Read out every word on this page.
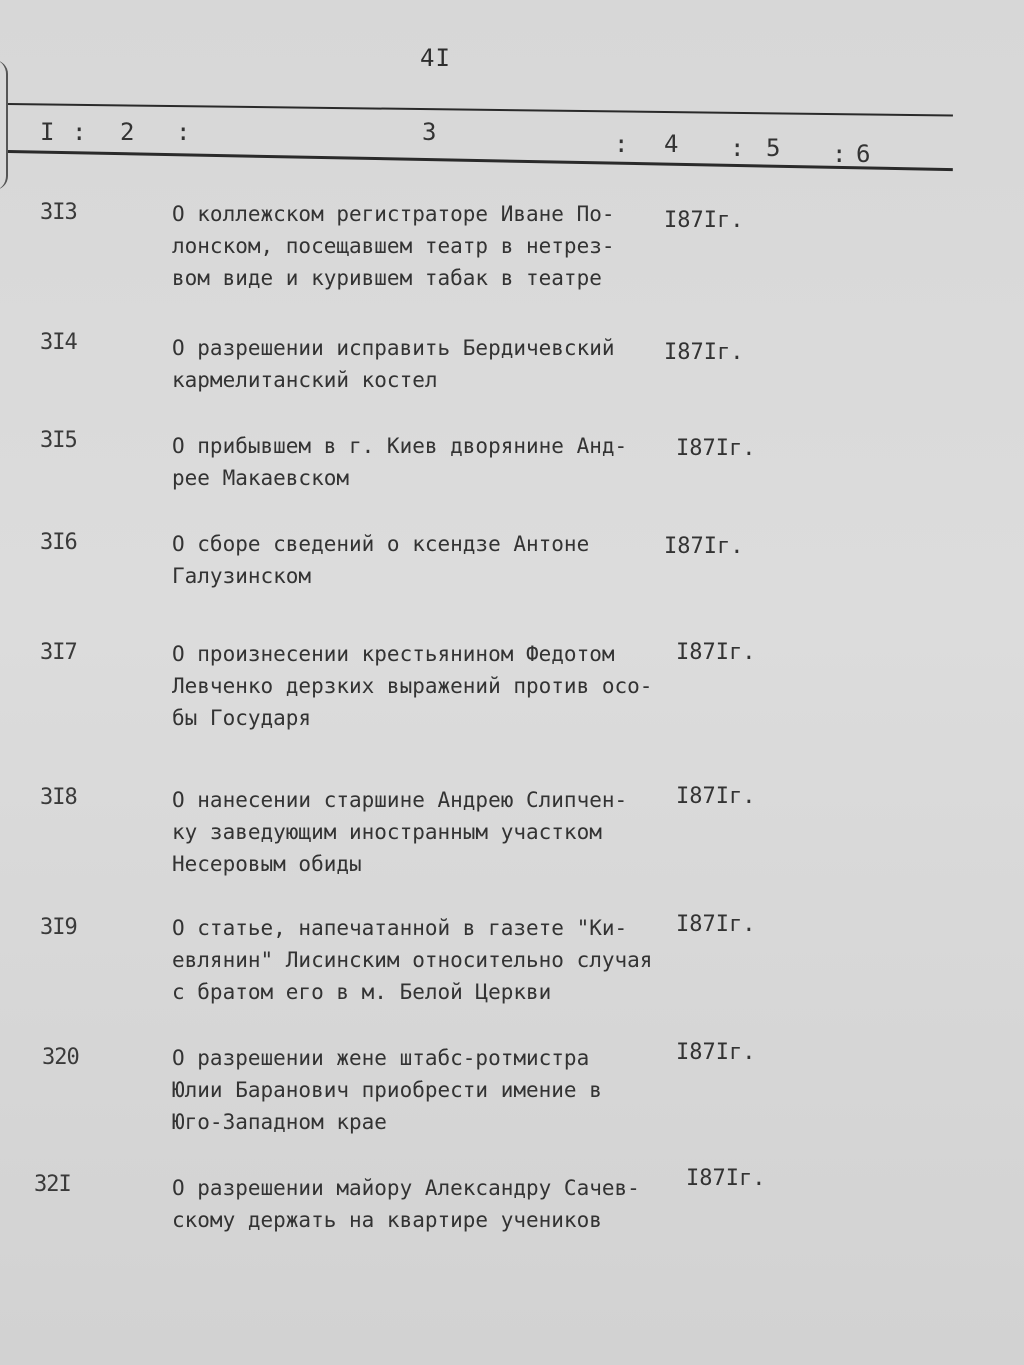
4I
I : 2 :	3	: 4 : 5 : 6
3I3	О коллежском регистраторе Иване По-
лонском, посещавшем театр в нетрез-
вом виде и курившем табак в театре
I87Iг.
3I4	О разрешении исправить Бердичевский
кармелитанский костел
I87Iг.
3I5	О прибывшем в г. Киев дворянине Анд-
рее Макаевском
I87Iг.
3I6	О сборе сведений о ксендзе Антоне
Галузинском
I87Iг.
3I7	О произнесении крестьянином Федотом
Левченко дерзких выражений против осо-
бы Государя
I87Iг.
3I8	О нанесении старшине Андрею Слипчен-
ку заведующим иностранным участком
Несеровым обиды
I87Iг.
3I9	О статье, напечатанной в газете "Ки-
евлянин" Лисинским относительно случая
с братом его в м. Белой Церкви
I87Iг.
320	О разрешении жене штабс-ротмистра
Юлии Баранович приобрести имение в
Юго-Западном крае
I87Iг.
32I	О разрешении майору Александру Сачев-
скому держать на квартире учеников
I87Iг.
